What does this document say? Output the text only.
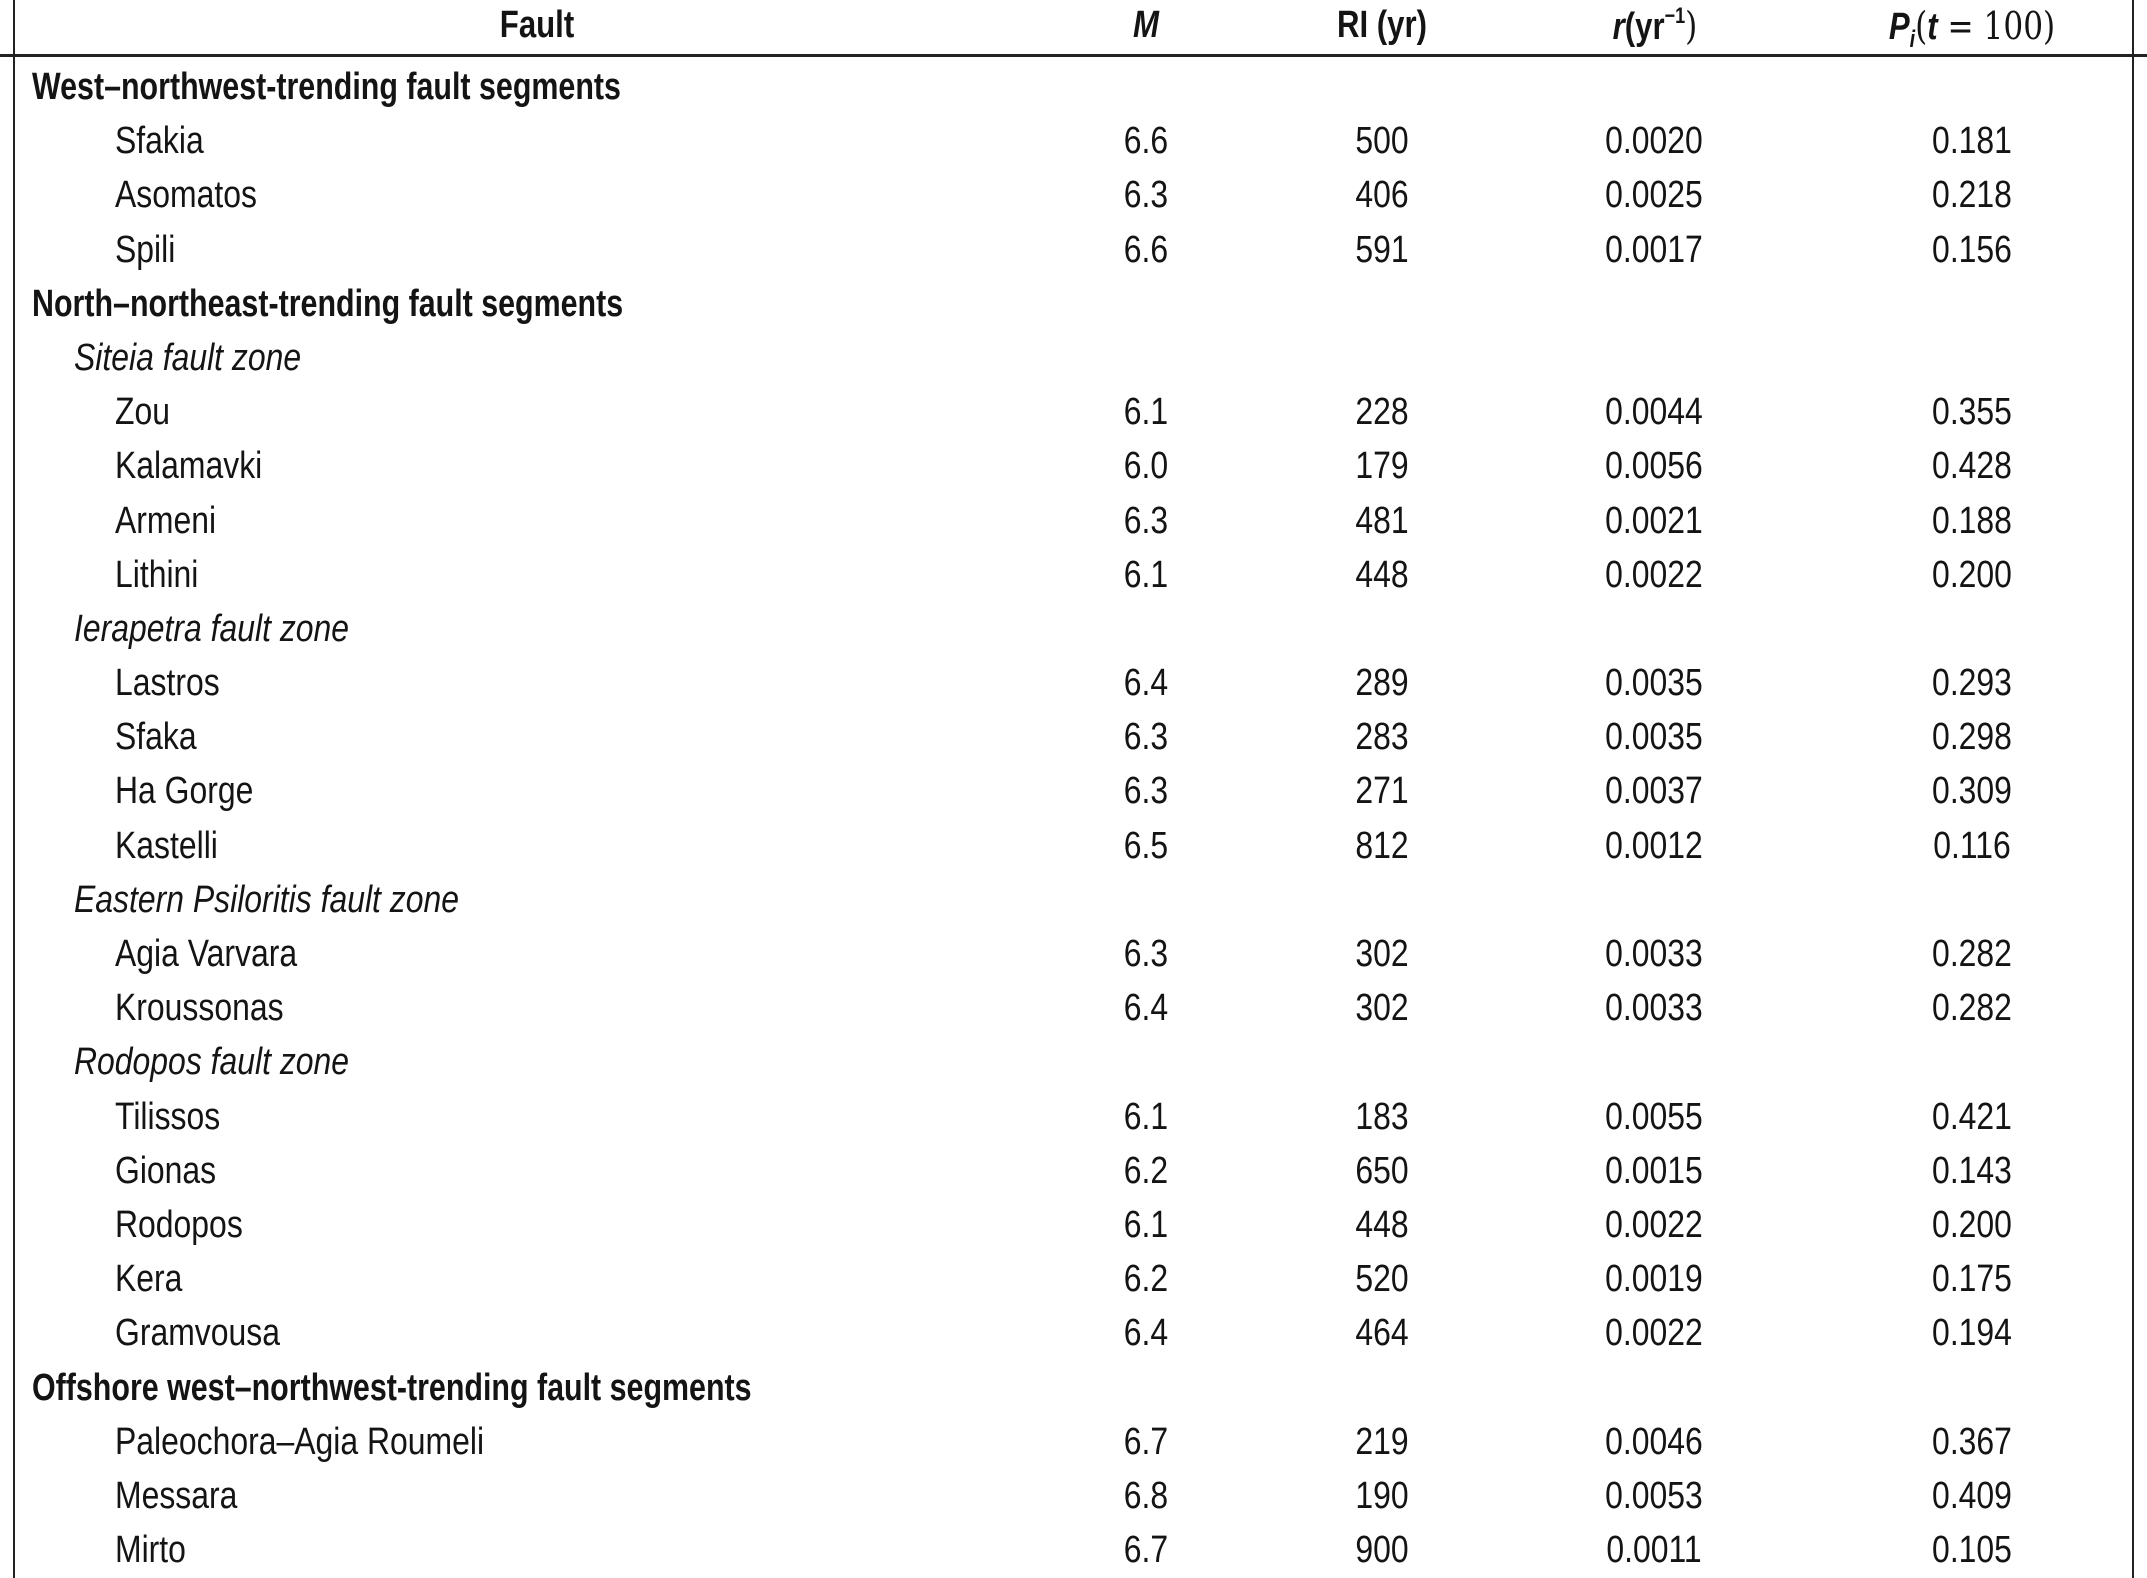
Fault	M	RI (yr)	$r(yr^{-1})$	$P_i(t = 100)$
West–northwest-trending fault segments
Sfakia	6.6	500	0.0020	0.181
Asomatos	6.3	406	0.0025	0.218
Spili	6.6	591	0.0017	0.156
North–northeast-trending fault segments
Siteia fault zone
Zou	6.1	228	0.0044	0.355
Kalamavki	6.0	179	0.0056	0.428
Armeni	6.3	481	0.0021	0.188
Lithini	6.1	448	0.0022	0.200
Ierapetra fault zone
Lastros	6.4	289	0.0035	0.293
Sfaka	6.3	283	0.0035	0.298
Ha Gorge	6.3	271	0.0037	0.309
Kastelli	6.5	812	0.0012	0.116
Eastern Psiloritis fault zone
Agia Varvara	6.3	302	0.0033	0.282
Kroussonas	6.4	302	0.0033	0.282
Rodopos fault zone
Tilissos	6.1	183	0.0055	0.421
Gionas	6.2	650	0.0015	0.143
Rodopos	6.1	448	0.0022	0.200
Kera	6.2	520	0.0019	0.175
Gramvousa	6.4	464	0.0022	0.194
Offshore west–northwest-trending fault segments
Paleochora–Agia Roumeli	6.7	219	0.0046	0.367
Messara	6.8	190	0.0053	0.409
Mirto	6.7	900	0.0011	0.105
